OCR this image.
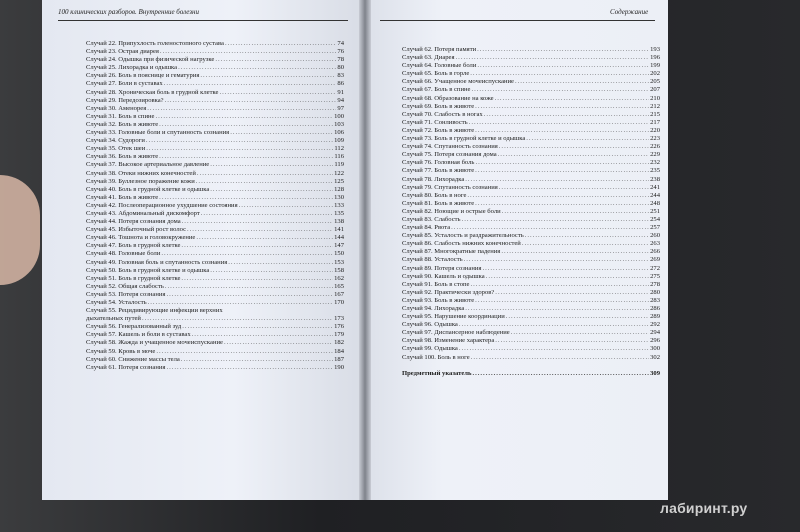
100 клинических разборов. Внутренние болезни	Содержание
Случай 22. Припухлость голеностопного сустава .....	74
Случай 23. Острая диарея .....	76
Случай 24. Одышка при физической нагрузке .....	78
Случай 25. Лихорадка и одышка .....	80
Случай 26. Боль в пояснице и гематурия .....	83
Случай 27. Боли в суставах .....	86
Случай 28. Хроническая боль в грудной клетке .....	91
Случай 29. Передозировка? .....	94
Случай 30. Аменорея .....	97
Случай 31. Боль в спине .....	100
Случай 32. Боль в животе .....	103
Случай 33. Головные боли и спутанность сознания .....	106
Случай 34. Судороги .....	109
Случай 35. Отек шеи .....	112
Случай 36. Боль в животе .....	116
Случай 37. Высокое артериальное давление .....	119
Случай 38. Отеки нижних конечностей .....	122
Случай 39. Буллезное поражение кожи .....	125
Случай 40. Боль в грудной клетке и одышка .....	128
Случай 41. Боль в животе .....	130
Случай 42. Послеоперационное ухудшение состояния .....	133
Случай 43. Абдоминальный дискомфорт .....	135
Случай 44. Потеря сознания дома .....	138
Случай 45. Избыточный рост волос .....	141
Случай 46. Тошнота и головокружение .....	144
Случай 47. Боль в грудной клетке .....	147
Случай 48. Головные боли .....	150
Случай 49. Головная боль и спутанность сознания .....	153
Случай 50. Боль в грудной клетке и одышка .....	158
Случай 51. Боль в грудной клетке .....	162
Случай 52. Общая слабость .....	165
Случай 53. Потеря сознания .....	167
Случай 54. Усталость .....	170
Случай 55. Рецидивирующие инфекции верхних
дыхательных путей .....	173
Случай 56. Генерализованный зуд .....	176
Случай 57. Кашель и боли в суставах .....	179
Случай 58. Жажда и учащенное мочеиспускание .....	182
Случай 59. Кровь в моче .....	184
Случай 60. Снижение массы тела .....	187
Случай 61. Потеря сознания .....	190
Случай 62. Потеря памяти .....	193
Случай 63. Диарея .....	196
Случай 64. Головные боли .....	199
Случай 65. Боль в горле .....	202
Случай 66. Учащенное мочеиспускание .....	205
Случай 67. Боль в спине .....	207
Случай 68. Образование на коже .....	210
Случай 69. Боль в животе .....	212
Случай 70. Слабость в ногах .....	215
Случай 71. Сонливость .....	217
Случай 72. Боль в животе .....	220
Случай 73. Боль в грудной клетке и одышка .....	223
Случай 74. Спутанность сознания .....	226
Случай 75. Потеря сознания дома .....	229
Случай 76. Головная боль .....	232
Случай 77. Боль в животе .....	235
Случай 78. Лихорадка .....	238
Случай 79. Спутанность сознания .....	241
Случай 80. Боль в ноге .....	244
Случай 81. Боль в животе .....	248
Случай 82. Ноющие и острые боли .....	251
Случай 83. Слабость .....	254
Случай 84. Рвота .....	257
Случай 85. Усталость и раздражительность .....	260
Случай 86. Слабость нижних конечностей .....	263
Случай 87. Многократные падения .....	266
Случай 88. Усталость .....	269
Случай 89. Потеря сознания .....	272
Случай 90. Кашель и одышка .....	275
Случай 91. Боль в стопе .....	278
Случай 92. Практически здоров? .....	280
Случай 93. Боль в животе .....	283
Случай 94. Лихорадка .....	286
Случай 95. Нарушение координации .....	289
Случай 96. Одышка .....	292
Случай 97. Диспансерное наблюдение .....	294
Случай 98. Изменение характера .....	296
Случай 99. Одышка .....	300
Случай 100. Боль в ноге .....	302
Предметный указатель .....	309
лабиринт.ру
